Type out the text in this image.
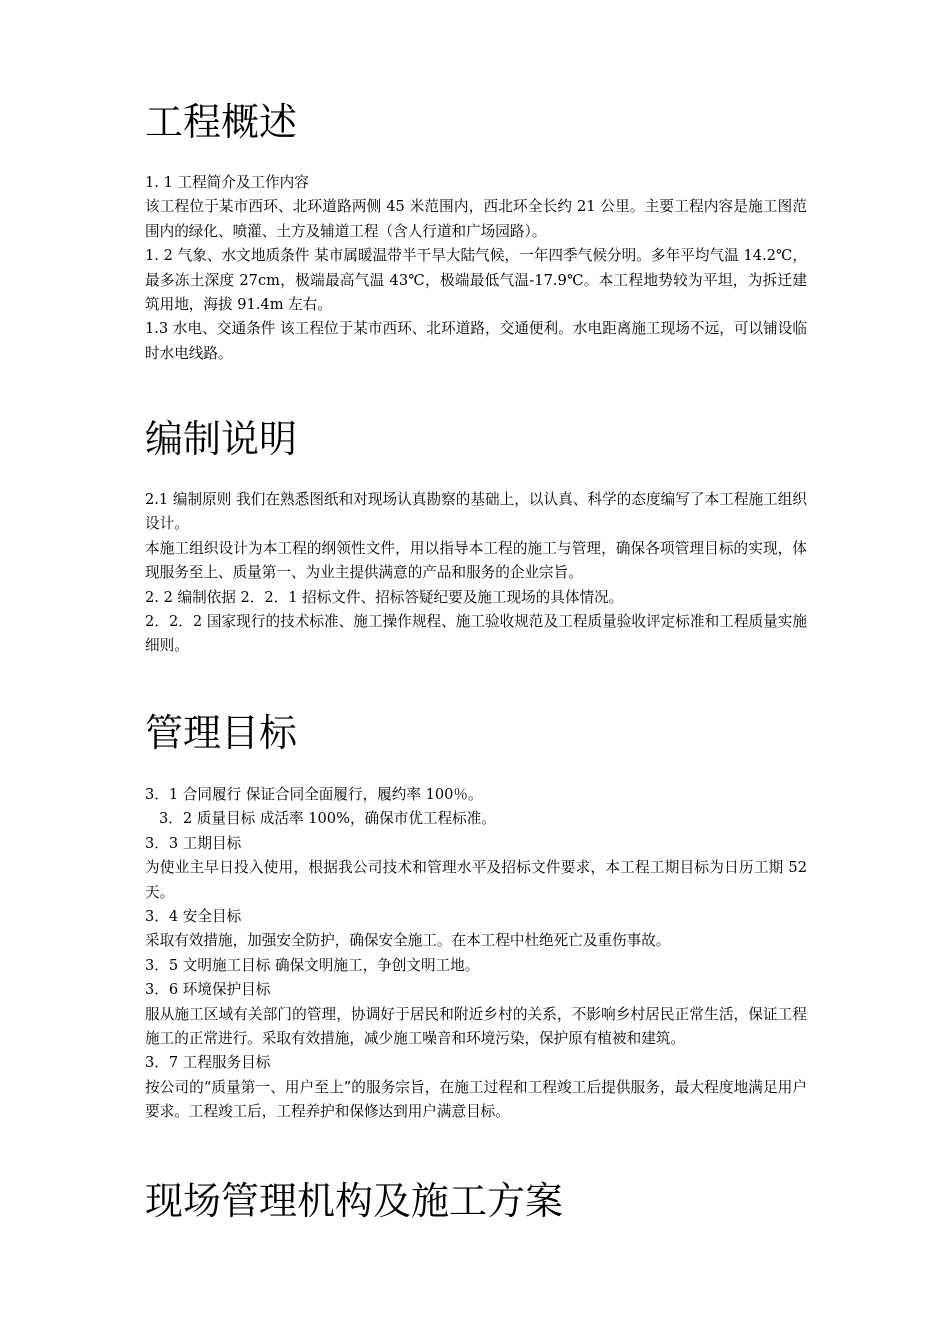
工程概述

1. 1 工程简介及工作内容

该工程位于某市西环、北环道路两侧 45 米范围内，西北环全长约 21 公里。主要工程内容是施工图范围内的绿化、喷灌、土方及辅道工程（含人行道和广场园路）。

1. 2 气象、水文地质条件 某市属暖温带半干旱大陆气候，一年四季气候分明。多年平均气温 14.2℃，最多冻土深度 27cm，极端最高气温 43℃，极端最低气温-17.9℃。本工程地势较为平坦，为拆迁建筑用地，海拔 91.4m 左右。

1.3 水电、交通条件 该工程位于某市西环、北环道路，交通便利。水电距离施工现场不远，可以铺设临时水电线路。

编制说明

2.1 编制原则 我们在熟悉图纸和对现场认真勘察的基础上，以认真、科学的态度编写了本工程施工组织设计。

本施工组织设计为本工程的纲领性文件，用以指导本工程的施工与管理，确保各项管理目标的实现，体现服务至上、质量第一、为业主提供满意的产品和服务的企业宗旨。

2. 2 编制依据 2．2．1 招标文件、招标答疑纪要及施工现场的具体情况。

2．2．2 国家现行的技术标准、施工操作规程、施工验收规范及工程质量验收评定标准和工程质量实施细则。

管理目标

3．1 合同履行 保证合同全面履行，履约率 100％。

3．2 质量目标 成活率 100%，确保市优工程标准。

3．3 工期目标

为使业主早日投入使用，根据我公司技术和管理水平及招标文件要求，本工程工期目标为日历工期 52 天。

3．4 安全目标

采取有效措施，加强安全防护，确保安全施工。在本工程中杜绝死亡及重伤事故。

3．5 文明施工目标 确保文明施工，争创文明工地。

3．6 环境保护目标

服从施工区域有关部门的管理，协调好于居民和附近乡村的关系，不影响乡村居民正常生活，保证工程施工的正常进行。采取有效措施，减少施工噪音和环境污染，保护原有植被和建筑。

3．7 工程服务目标

按公司的“质量第一、用户至上”的服务宗旨，在施工过程和工程竣工后提供服务，最大程度地满足用户要求。工程竣工后，工程养护和保修达到用户满意目标。

现场管理机构及施工方案
